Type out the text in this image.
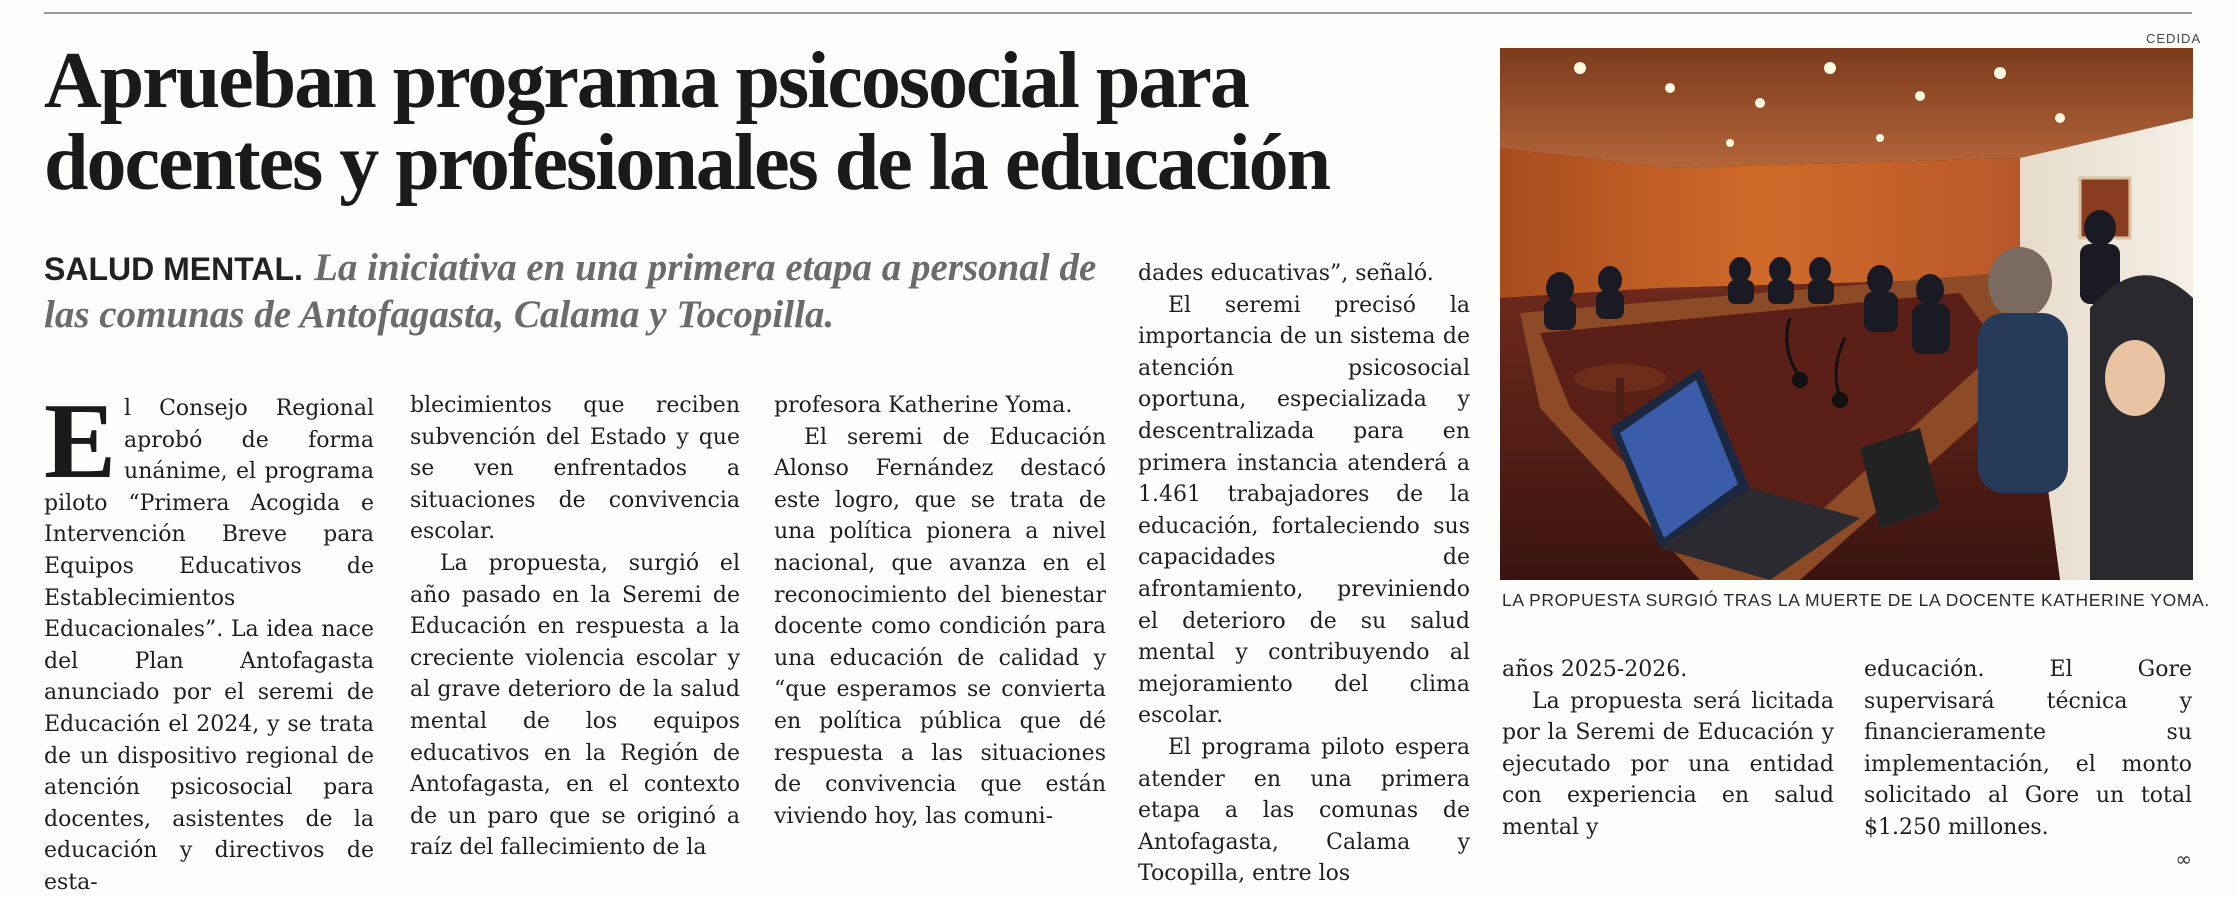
Aprueban programa psicosocial para docentes y profesionales de la educación

SALUD MENTAL. La iniciativa en una primera etapa a personal de las comunas de Antofagasta, Calama y Tocopilla.

E l Consejo Regional aprobó de forma unánime, el programa piloto “Primera Acogida e Intervención Breve para Equipos Educativos de Establecimientos Educacionales”. La idea nace del Plan Antofagasta anunciado por el seremi de Educación el 2024, y se trata de un dispositivo regional de atención psicosocial para docentes, asistentes de la educación y directivos de esta-

blecimientos que reciben subvención del Estado y que se ven enfrentados a situaciones de convivencia escolar.

La propuesta, surgió el año pasado en la Seremi de Educación en respuesta a la creciente violencia escolar y al grave deterioro de la salud mental de los equipos educativos en la Región de Antofagasta, en el contexto de un paro que se originó a raíz del fallecimiento de la

profesora Katherine Yoma.

El seremi de Educación Alonso Fernández destacó este logro, que se trata de una política pionera a nivel nacional, que avanza en el reconocimiento del bienestar docente como condición para una educación de calidad y “que esperamos se convierta en política pública que dé respuesta a las situaciones de convivencia que están viviendo hoy, las comuni-

dades educativas”, señaló.

El seremi precisó la importancia de un sistema de atención psicosocial oportuna, especializada y descentralizada para en primera instancia atenderá a 1.461 trabajadores de la educación, fortaleciendo sus capacidades de afrontamiento, previniendo el deterioro de su salud mental y contribuyendo al mejoramiento del clima escolar.

El programa piloto espera atender en una primera etapa a las comunas de Antofagasta, Calama y Tocopilla, entre los

años 2025-2026.

La propuesta será licitada por la Seremi de Educación y ejecutado por una entidad con experiencia en salud mental y

educación. El Gore supervisará técnica y financieramente su implementación, el monto solicitado al Gore un total $1.250 millones.

∞
CEDIDA
LA PROPUESTA SURGIÓ TRAS LA MUERTE DE LA DOCENTE KATHERINE YOMA.
